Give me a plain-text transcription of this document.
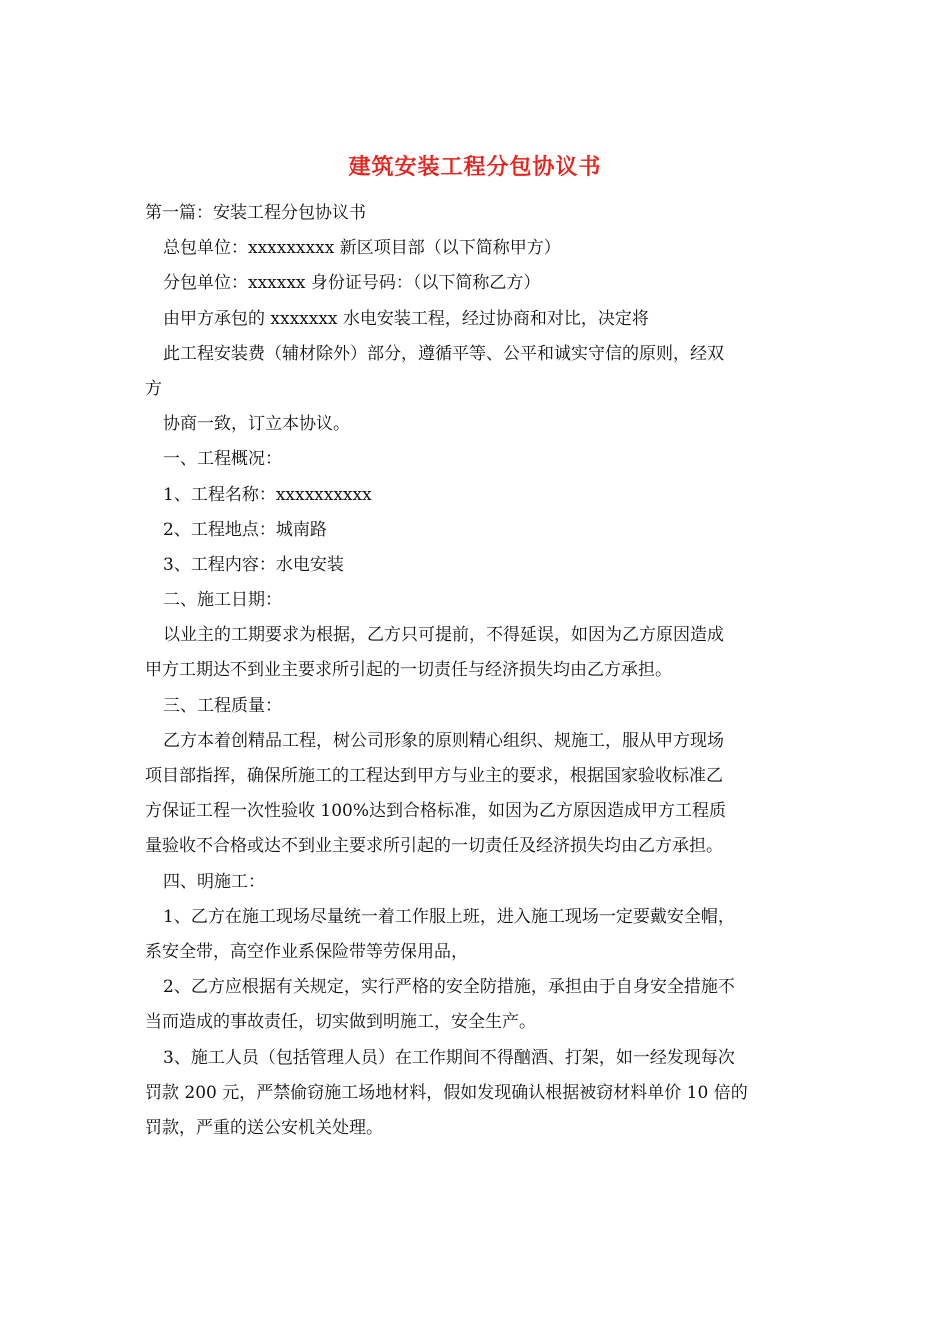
建筑安装工程分包协议书
第一篇：安装工程分包协议书
总包单位：xxxxxxxxx 新区项目部（以下简称甲方）
分包单位：xxxxxx 身份证号码：（以下简称乙方）
由甲方承包的 xxxxxxx 水电安装工程，经过协商和对比，决定将
此工程安装费（辅材除外）部分，遵循平等、公平和诚实守信的原则，经双
方
协商一致，订立本协议。
一、工程概况：
1、工程名称：xxxxxxxxxx
2、工程地点：城南路
3、工程内容：水电安装
二、施工日期：
以业主的工期要求为根据，乙方只可提前，不得延误，如因为乙方原因造成
甲方工期达不到业主要求所引起的一切责任与经济损失均由乙方承担。
三、工程质量：
乙方本着创精品工程，树公司形象的原则精心组织、规施工，服从甲方现场
项目部指挥，确保所施工的工程达到甲方与业主的要求，根据国家验收标准乙
方保证工程一次性验收 100%达到合格标准，如因为乙方原因造成甲方工程质
量验收不合格或达不到业主要求所引起的一切责任及经济损失均由乙方承担。
四、明施工：
1、乙方在施工现场尽量统一着工作服上班，进入施工现场一定要戴安全帽，
系安全带，高空作业系保险带等劳保用品，
2、乙方应根据有关规定，实行严格的安全防措施，承担由于自身安全措施不
当而造成的事故责任，切实做到明施工，安全生产。
3、施工人员（包括管理人员）在工作期间不得酗酒、打架，如一经发现每次
罚款 200 元，严禁偷窃施工场地材料，假如发现确认根据被窃材料单价 10 倍的
罚款，严重的送公安机关处理。
